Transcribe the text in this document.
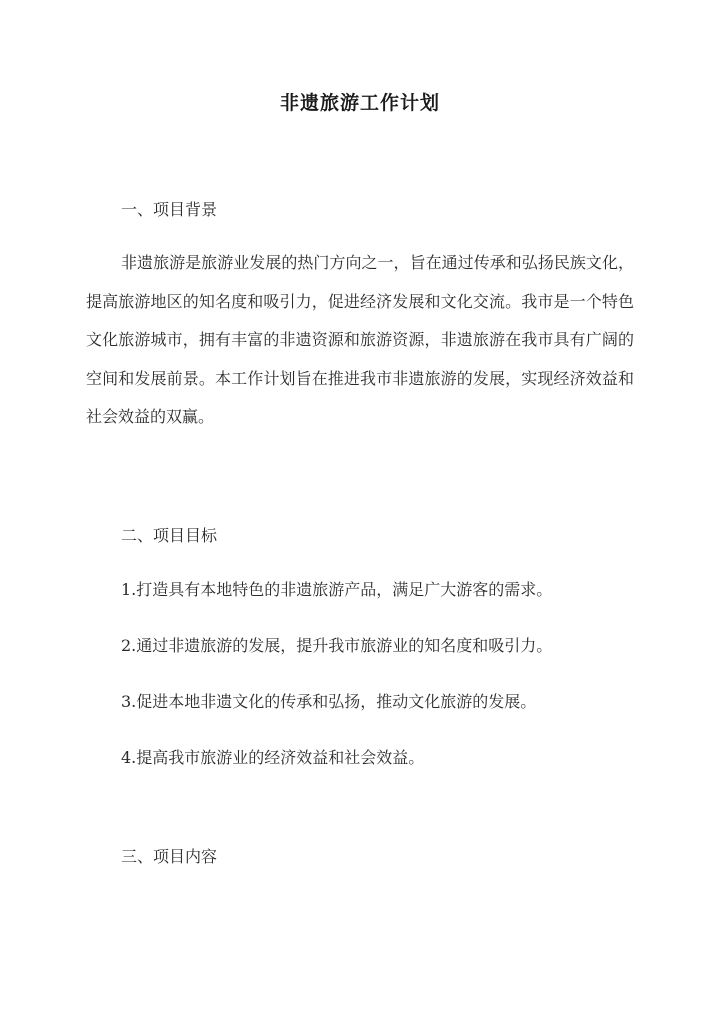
非遗旅游工作计划
一、项目背景

非遗旅游是旅游业发展的热门方向之一，旨在通过传承和弘扬民族文化，提高旅游地区的知名度和吸引力，促进经济发展和文化交流。我市是一个特色文化旅游城市，拥有丰富的非遗资源和旅游资源，非遗旅游在我市具有广阔的空间和发展前景。本工作计划旨在推进我市非遗旅游的发展，实现经济效益和社会效益的双赢。

二、项目目标
1.打造具有本地特色的非遗旅游产品，满足广大游客的需求。
2.通过非遗旅游的发展，提升我市旅游业的知名度和吸引力。
3.促进本地非遗文化的传承和弘扬，推动文化旅游的发展。
4.提高我市旅游业的经济效益和社会效益。
三、项目内容
